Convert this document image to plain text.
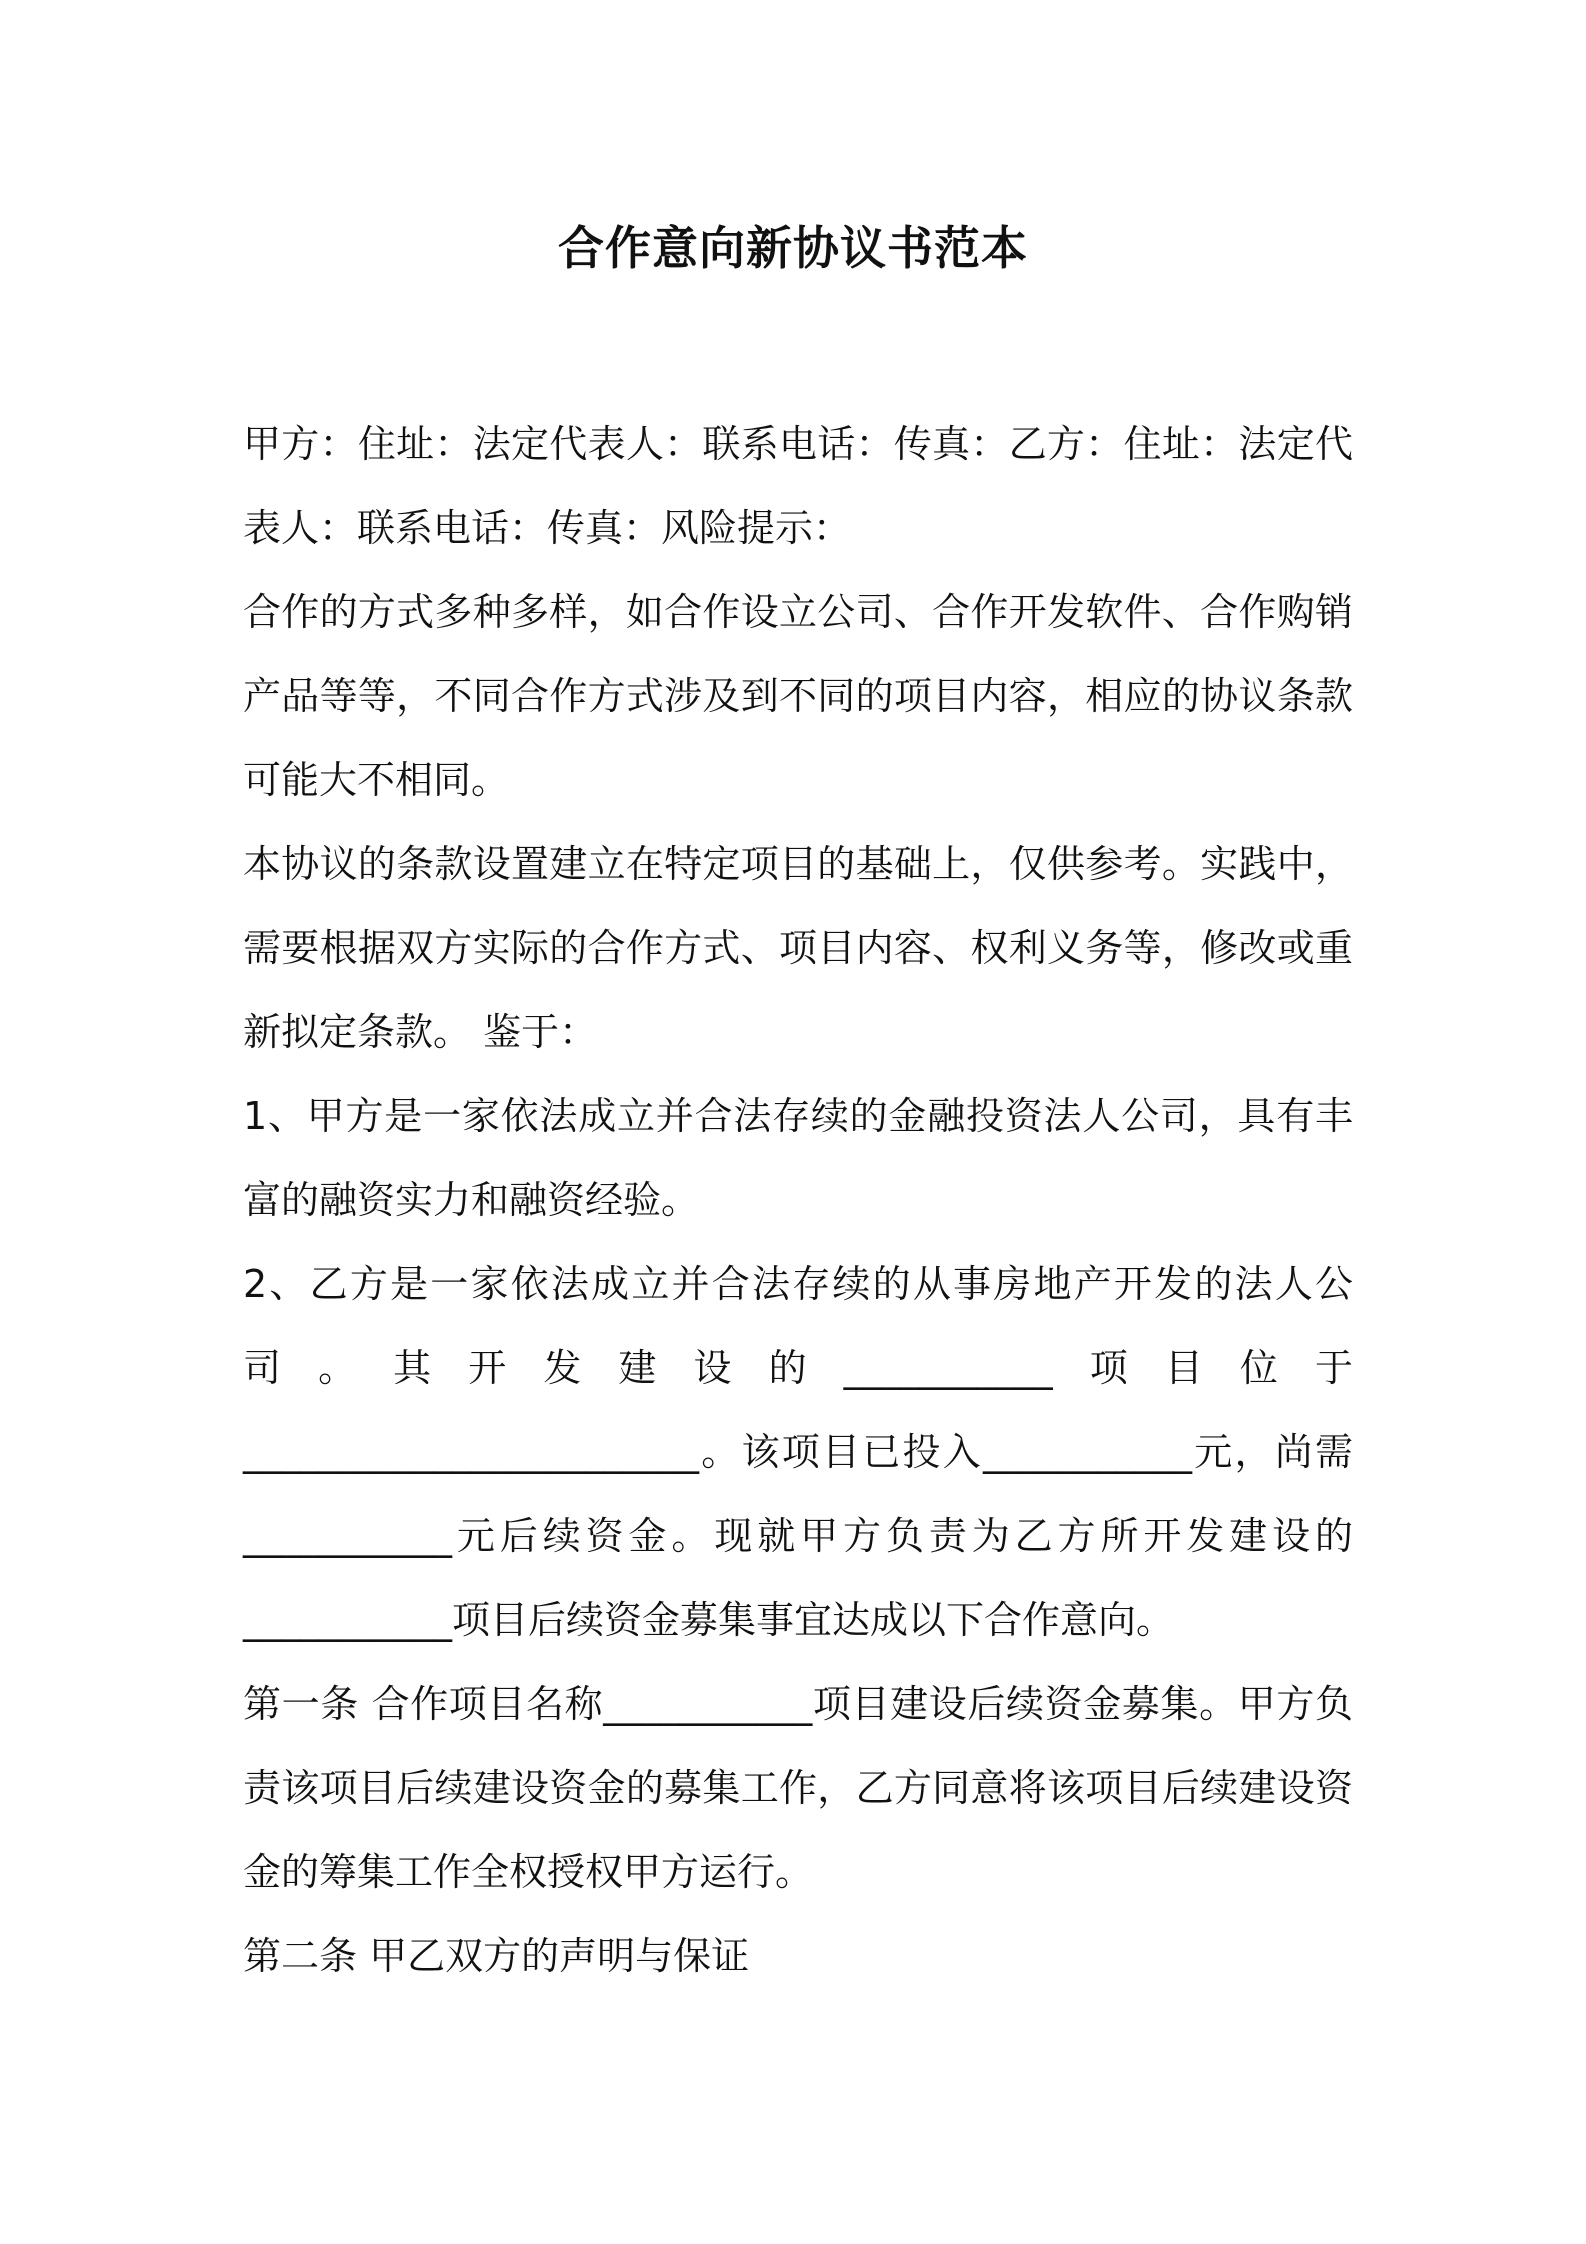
合作意向新协议书范本

甲方：住址：法定代表人：联系电话：传真：乙方：住址：法定代表人：联系电话：传真：风险提示：

合作的方式多种多样，如合作设立公司、合作开发软件、合作购销产品等等，不同合作方式涉及到不同的项目内容，相应的协议条款可能大不相同。

本协议的条款设置建立在特定项目的基础上，仅供参考。实践中，需要根据双方实际的合作方式、项目内容、权利义务等，修改或重新拟定条款。 鉴于：

1、甲方是一家依法成立并合法存续的金融投资法人公司，具有丰富的融资实力和融资经验。

2、乙方是一家依法成立并合法存续的从事房地产开发的法人公司。其开发建设的___________项目位于________________________。该项目已投入___________元，尚需___________元后续资金。现就甲方负责为乙方所开发建设的___________项目后续资金募集事宜达成以下合作意向。

第一条 合作项目名称___________项目建设后续资金募集。甲方负责该项目后续建设资金的募集工作，乙方同意将该项目后续建设资金的筹集工作全权授权甲方运行。

第二条 甲乙双方的声明与保证
